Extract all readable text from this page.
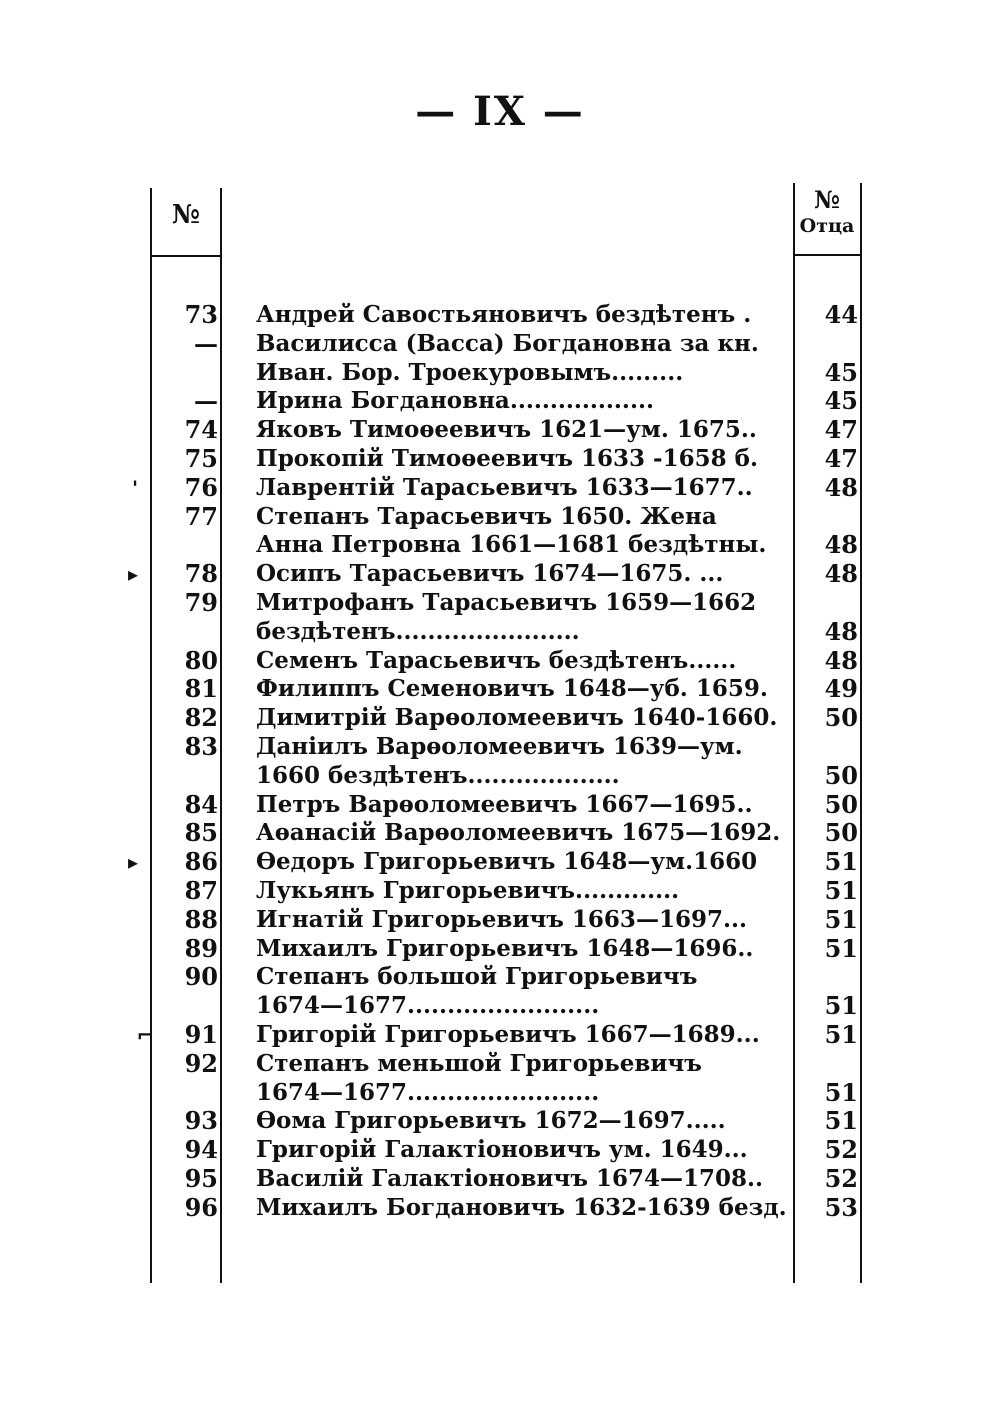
— IX —
№
№
Отца
73 Андрей Савостьяновичъ бездѣтенъ .	44
— Василисса (Васса) Богдановна за кн.
Иван. Бор. Троекуровымъ.........	45
— Ирина Богдановна..................	45
74 Яковъ Тимоѳеевичъ 1621—ум. 1675..	47
75 Прокопій Тимоѳеевичъ 1633 -1658 б.	47
'	76 Лаврентій Тарасьевичъ 1633—1677..	48
77 Степанъ Тарасьевичъ 1650. Жена
Анна Петровна 1661—1681 бездѣтны.	48
▸	78 Осипъ Тарасьевичъ 1674—1675. ...	48
79 Митрофанъ Тарасьевичъ 1659—1662
бездѣтенъ.......................	48
80 Семенъ Тарасьевичъ бездѣтенъ......	48
81 Филиппъ Семеновичъ 1648—уб. 1659.	49
82 Димитрій Варѳоломеевичъ 1640-1660.	50
83 Даніилъ Варѳоломеевичъ 1639—ум.
1660 бездѣтенъ...................	50
84 Петръ Варѳоломеевичъ 1667—1695..	50
85 Аѳанасій Варѳоломеевичъ 1675—1692.	50
▸	86 Ѳедоръ Григорьевичъ 1648—ум.1660	51
87 Лукьянъ Григорьевичъ.............	51
88 Игнатій Григорьевичъ 1663—1697...	51
89 Михаилъ Григорьевичъ 1648—1696..	51
90 Степанъ большой Григорьевичъ
1674—1677........................	51
⌐	91 Григорій Григорьевичъ 1667—1689...	51
92 Степанъ меньшой Григорьевичъ
1674—1677........................	51
93 Ѳома Григорьевичъ 1672—1697.....	51
94 Григорій Галактіоновичъ ум. 1649...	52
95 Василій Галактіоновичъ 1674—1708..	52
96 Михаилъ Богдановичъ 1632-1639 безд.	53
